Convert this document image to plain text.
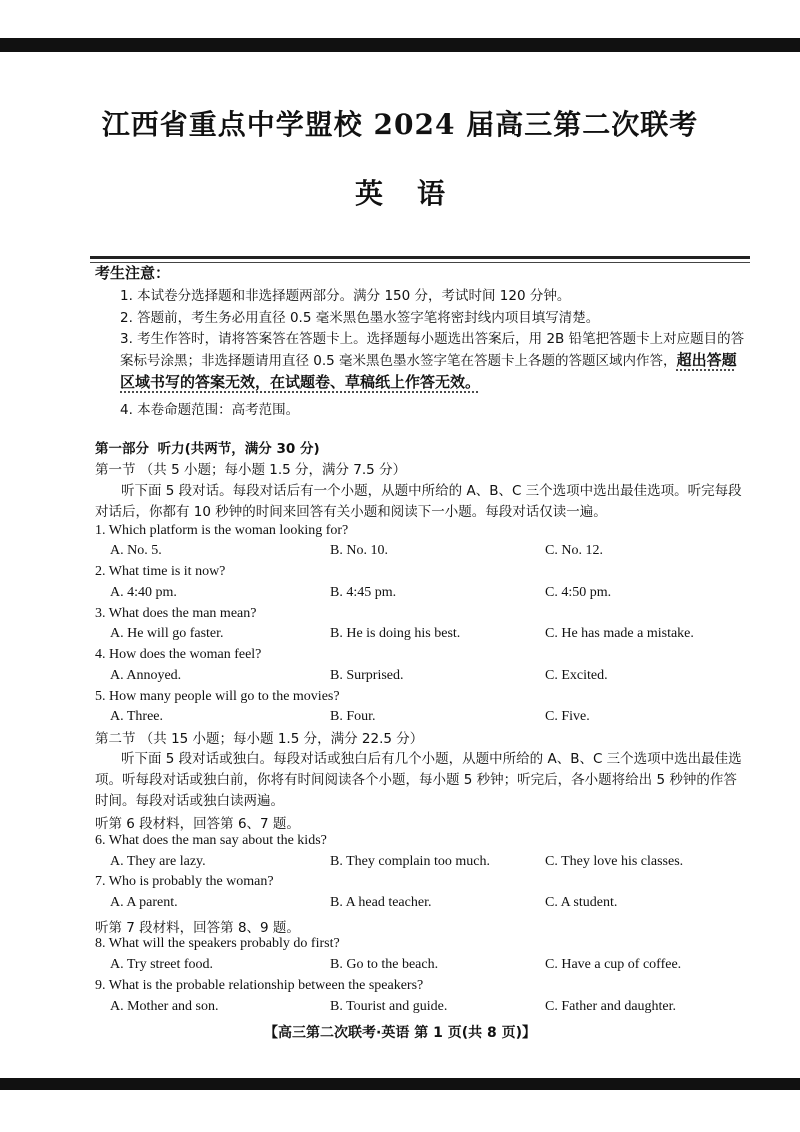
江西省重点中学盟校 2024 届高三第二次联考
英语
考生注意：
1. 本试卷分选择题和非选择题两部分。满分 150 分，考试时间 120 分钟。
2. 答题前，考生务必用直径 0.5 毫米黑色墨水签字笔将密封线内项目填写清楚。
3. 考生作答时，请将答案答在答题卡上。选择题每小题选出答案后，用 2B 铅笔把答题卡上对应题目的答案标号涂黑；非选择题请用直径 0.5 毫米黑色墨水签字笔在答题卡上各题的答题区域内作答，超出答题区域书写的答案无效，在试题卷、草稿纸上作答无效。
4. 本卷命题范围：高考范围。
第一部分 听力(共两节，满分 30 分)
第一节 （共 5 小题；每小题 1.5 分，满分 7.5 分）
听下面 5 段对话。每段对话后有一个小题，从题中所给的 A、B、C 三个选项中选出最佳选项。听完每段对话后，你都有 10 秒钟的时间来回答有关小题和阅读下一小题。每段对话仅读一遍。
1. Which platform is the woman looking for?
A. No. 5.	B. No. 10.	C. No. 12.
2. What time is it now?
A. 4:40 pm.	B. 4:45 pm.	C. 4:50 pm.
3. What does the man mean?
A. He will go faster.	B. He is doing his best.	C. He has made a mistake.
4. How does the woman feel?
A. Annoyed.	B. Surprised.	C. Excited.
5. How many people will go to the movies?
A. Three.	B. Four.	C. Five.
第二节 （共 15 小题；每小题 1.5 分，满分 22.5 分）
听下面 5 段对话或独白。每段对话或独白后有几个小题，从题中所给的 A、B、C 三个选项中选出最佳选项。听每段对话或独白前，你将有时间阅读各个小题，每小题 5 秒钟；听完后，各小题将给出 5 秒钟的作答时间。每段对话或独白读两遍。
听第 6 段材料，回答第 6、7 题。
6. What does the man say about the kids?
A. They are lazy.	B. They complain too much.	C. They love his classes.
7. Who is probably the woman?
A. A parent.	B. A head teacher.	C. A student.
听第 7 段材料，回答第 8、9 题。
8. What will the speakers probably do first?
A. Try street food.	B. Go to the beach.	C. Have a cup of coffee.
9. What is the probable relationship between the speakers?
A. Mother and son.	B. Tourist and guide.	C. Father and daughter.
【高三第二次联考·英语 第 1 页(共 8 页)】
